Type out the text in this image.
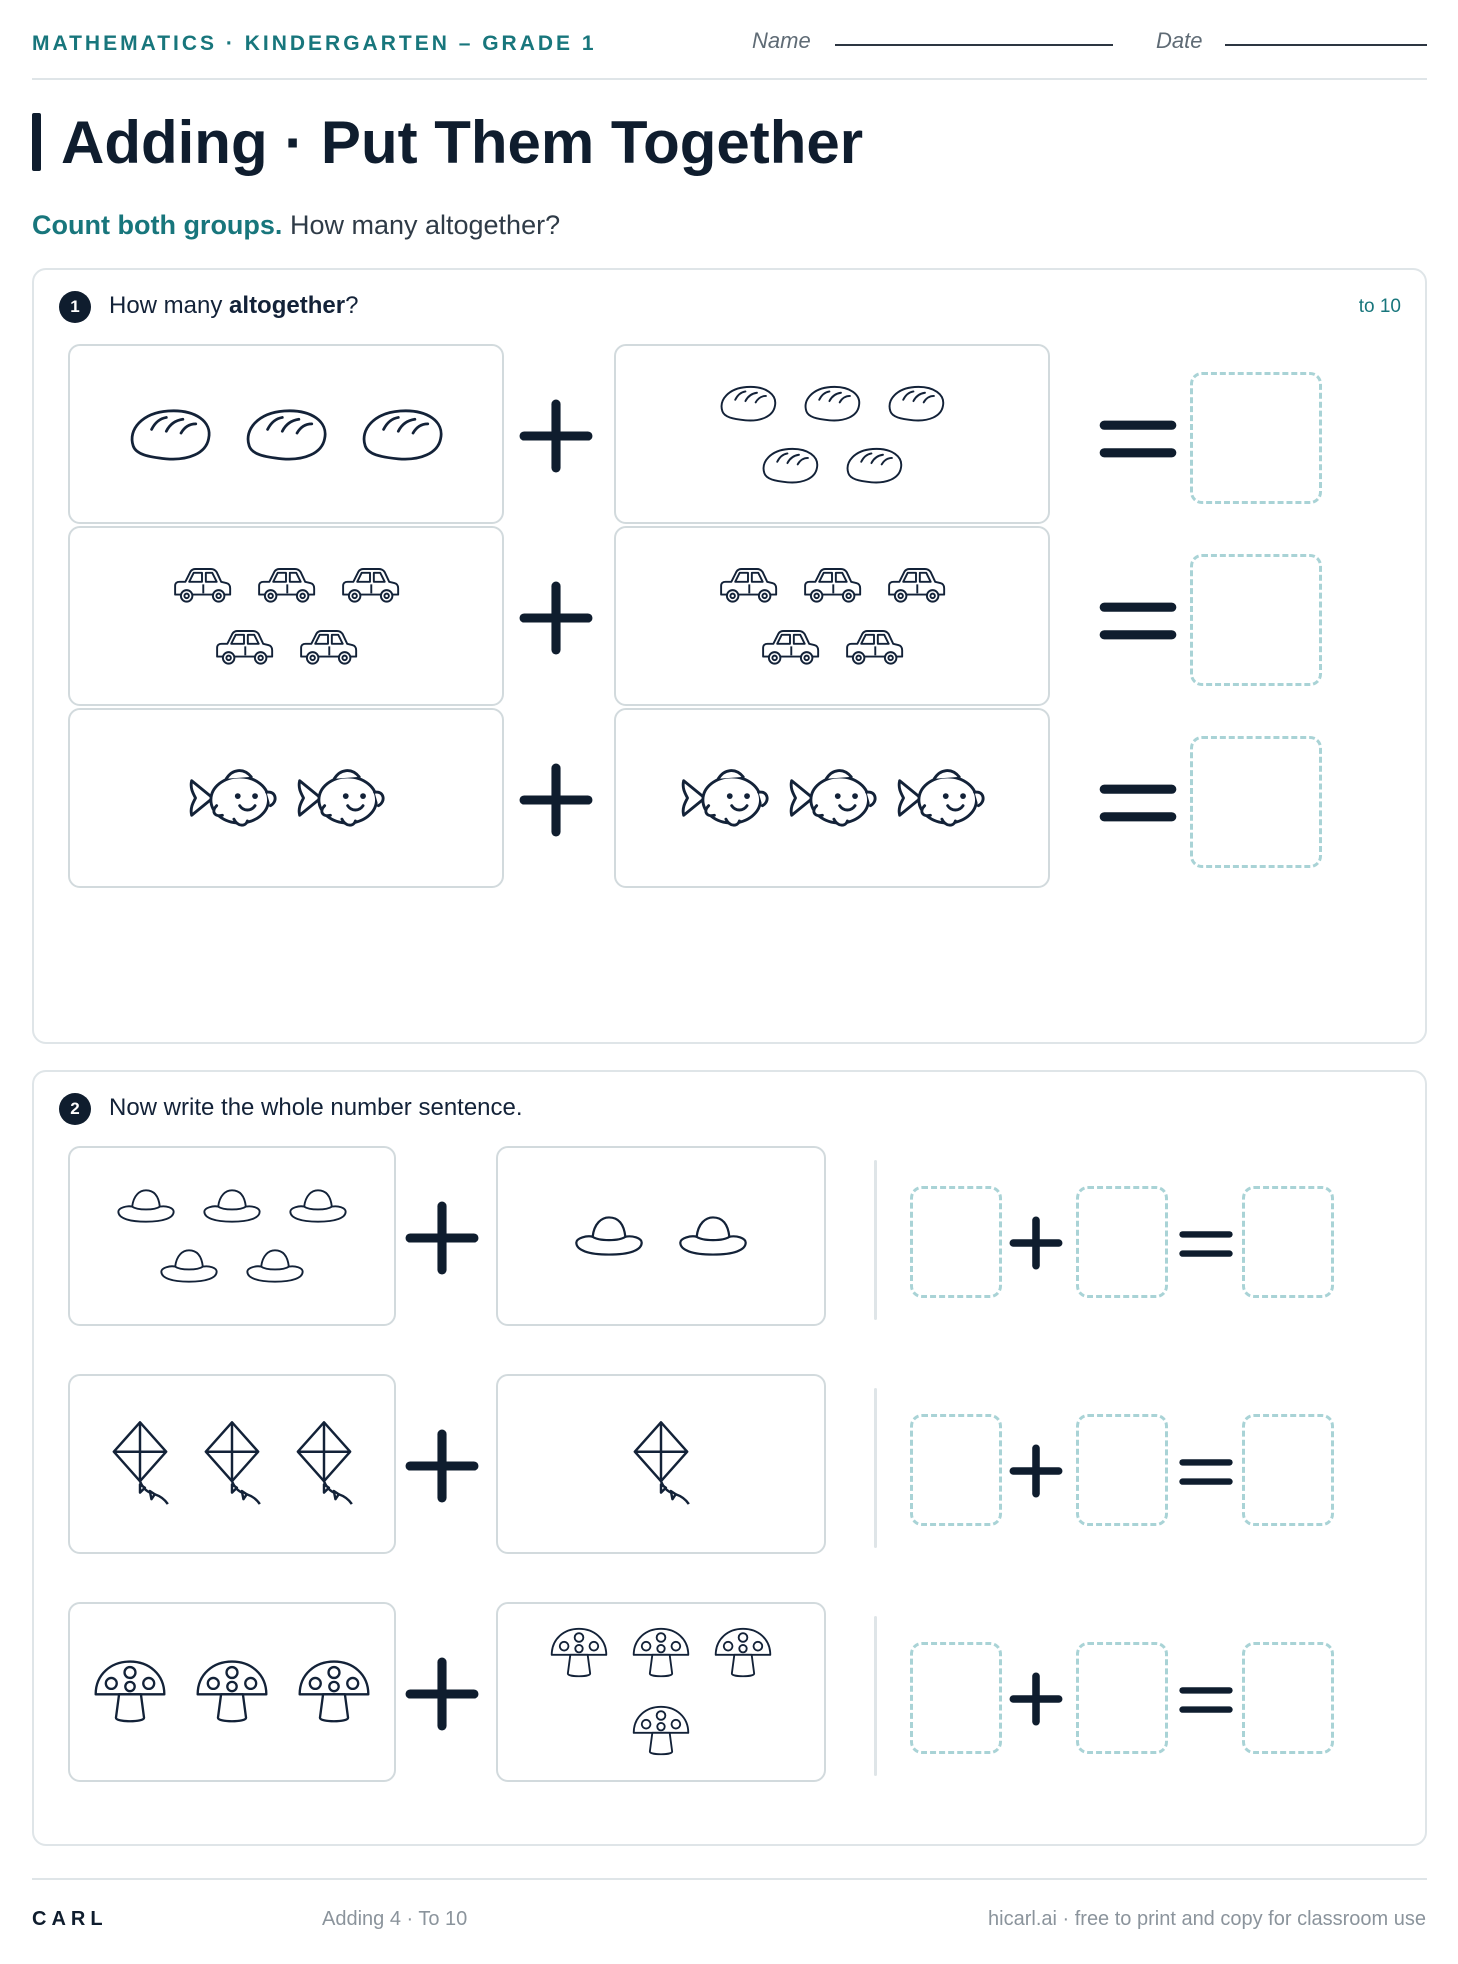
MATHEMATICS · KINDERGARTEN – GRADE 1	Name	Date
Adding · Put Them Together
Count both groups. How many altogether?
1	How many altogether?	to 10
2	Now write the whole number sentence.
CARL	Adding 4 · To 10	hicarl.ai · free to print and copy for classroom use
